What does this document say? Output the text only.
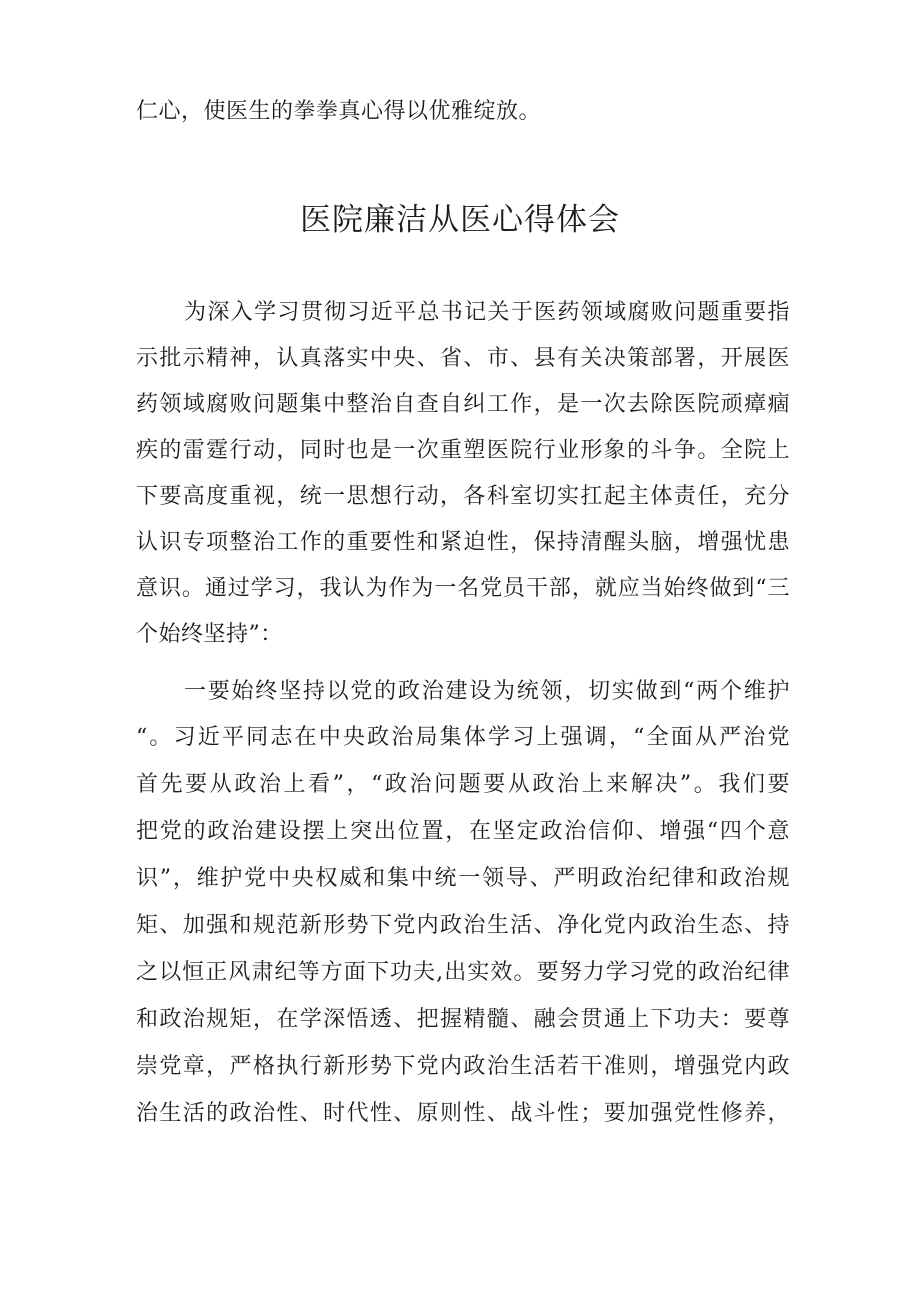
仁心，使医生的拳拳真心得以优雅绽放。
医院廉洁从医心得体会
为深入学习贯彻习近平总书记关于医药领域腐败问题重要指
示批示精神，认真落实中央、省、市、县有关决策部署，开展医
药领域腐败问题集中整治自查自纠工作，是一次去除医院顽瘴痼
疾的雷霆行动，同时也是一次重塑医院行业形象的斗争。全院上
下要高度重视，统一思想行动，各科室切实扛起主体责任，充分
认识专项整治工作的重要性和紧迫性，保持清醒头脑，增强忧患
意识。通过学习，我认为作为一名党员干部，就应当始终做到“三
个始终坚持”：
一要始终坚持以党的政治建设为统领，切实做到“两个维护
“。习近平同志在中央政治局集体学习上强调，“全面从严治党
首先要从政治上看”，“政治问题要从政治上来解决”。我们要
把党的政治建设摆上突出位置，在坚定政治信仰、增强“四个意
识”，维护党中央权威和集中统一领导、严明政治纪律和政治规
矩、加强和规范新形势下党内政治生活、净化党内政治生态、持
之以恒正风肃纪等方面下功夫,出实效。要努力学习党的政治纪律
和政治规矩，在学深悟透、把握精髓、融会贯通上下功夫：要尊
崇党章，严格执行新形势下党内政治生活若干准则，增强党内政
治生活的政治性、时代性、原则性、战斗性；要加强党性修养，
